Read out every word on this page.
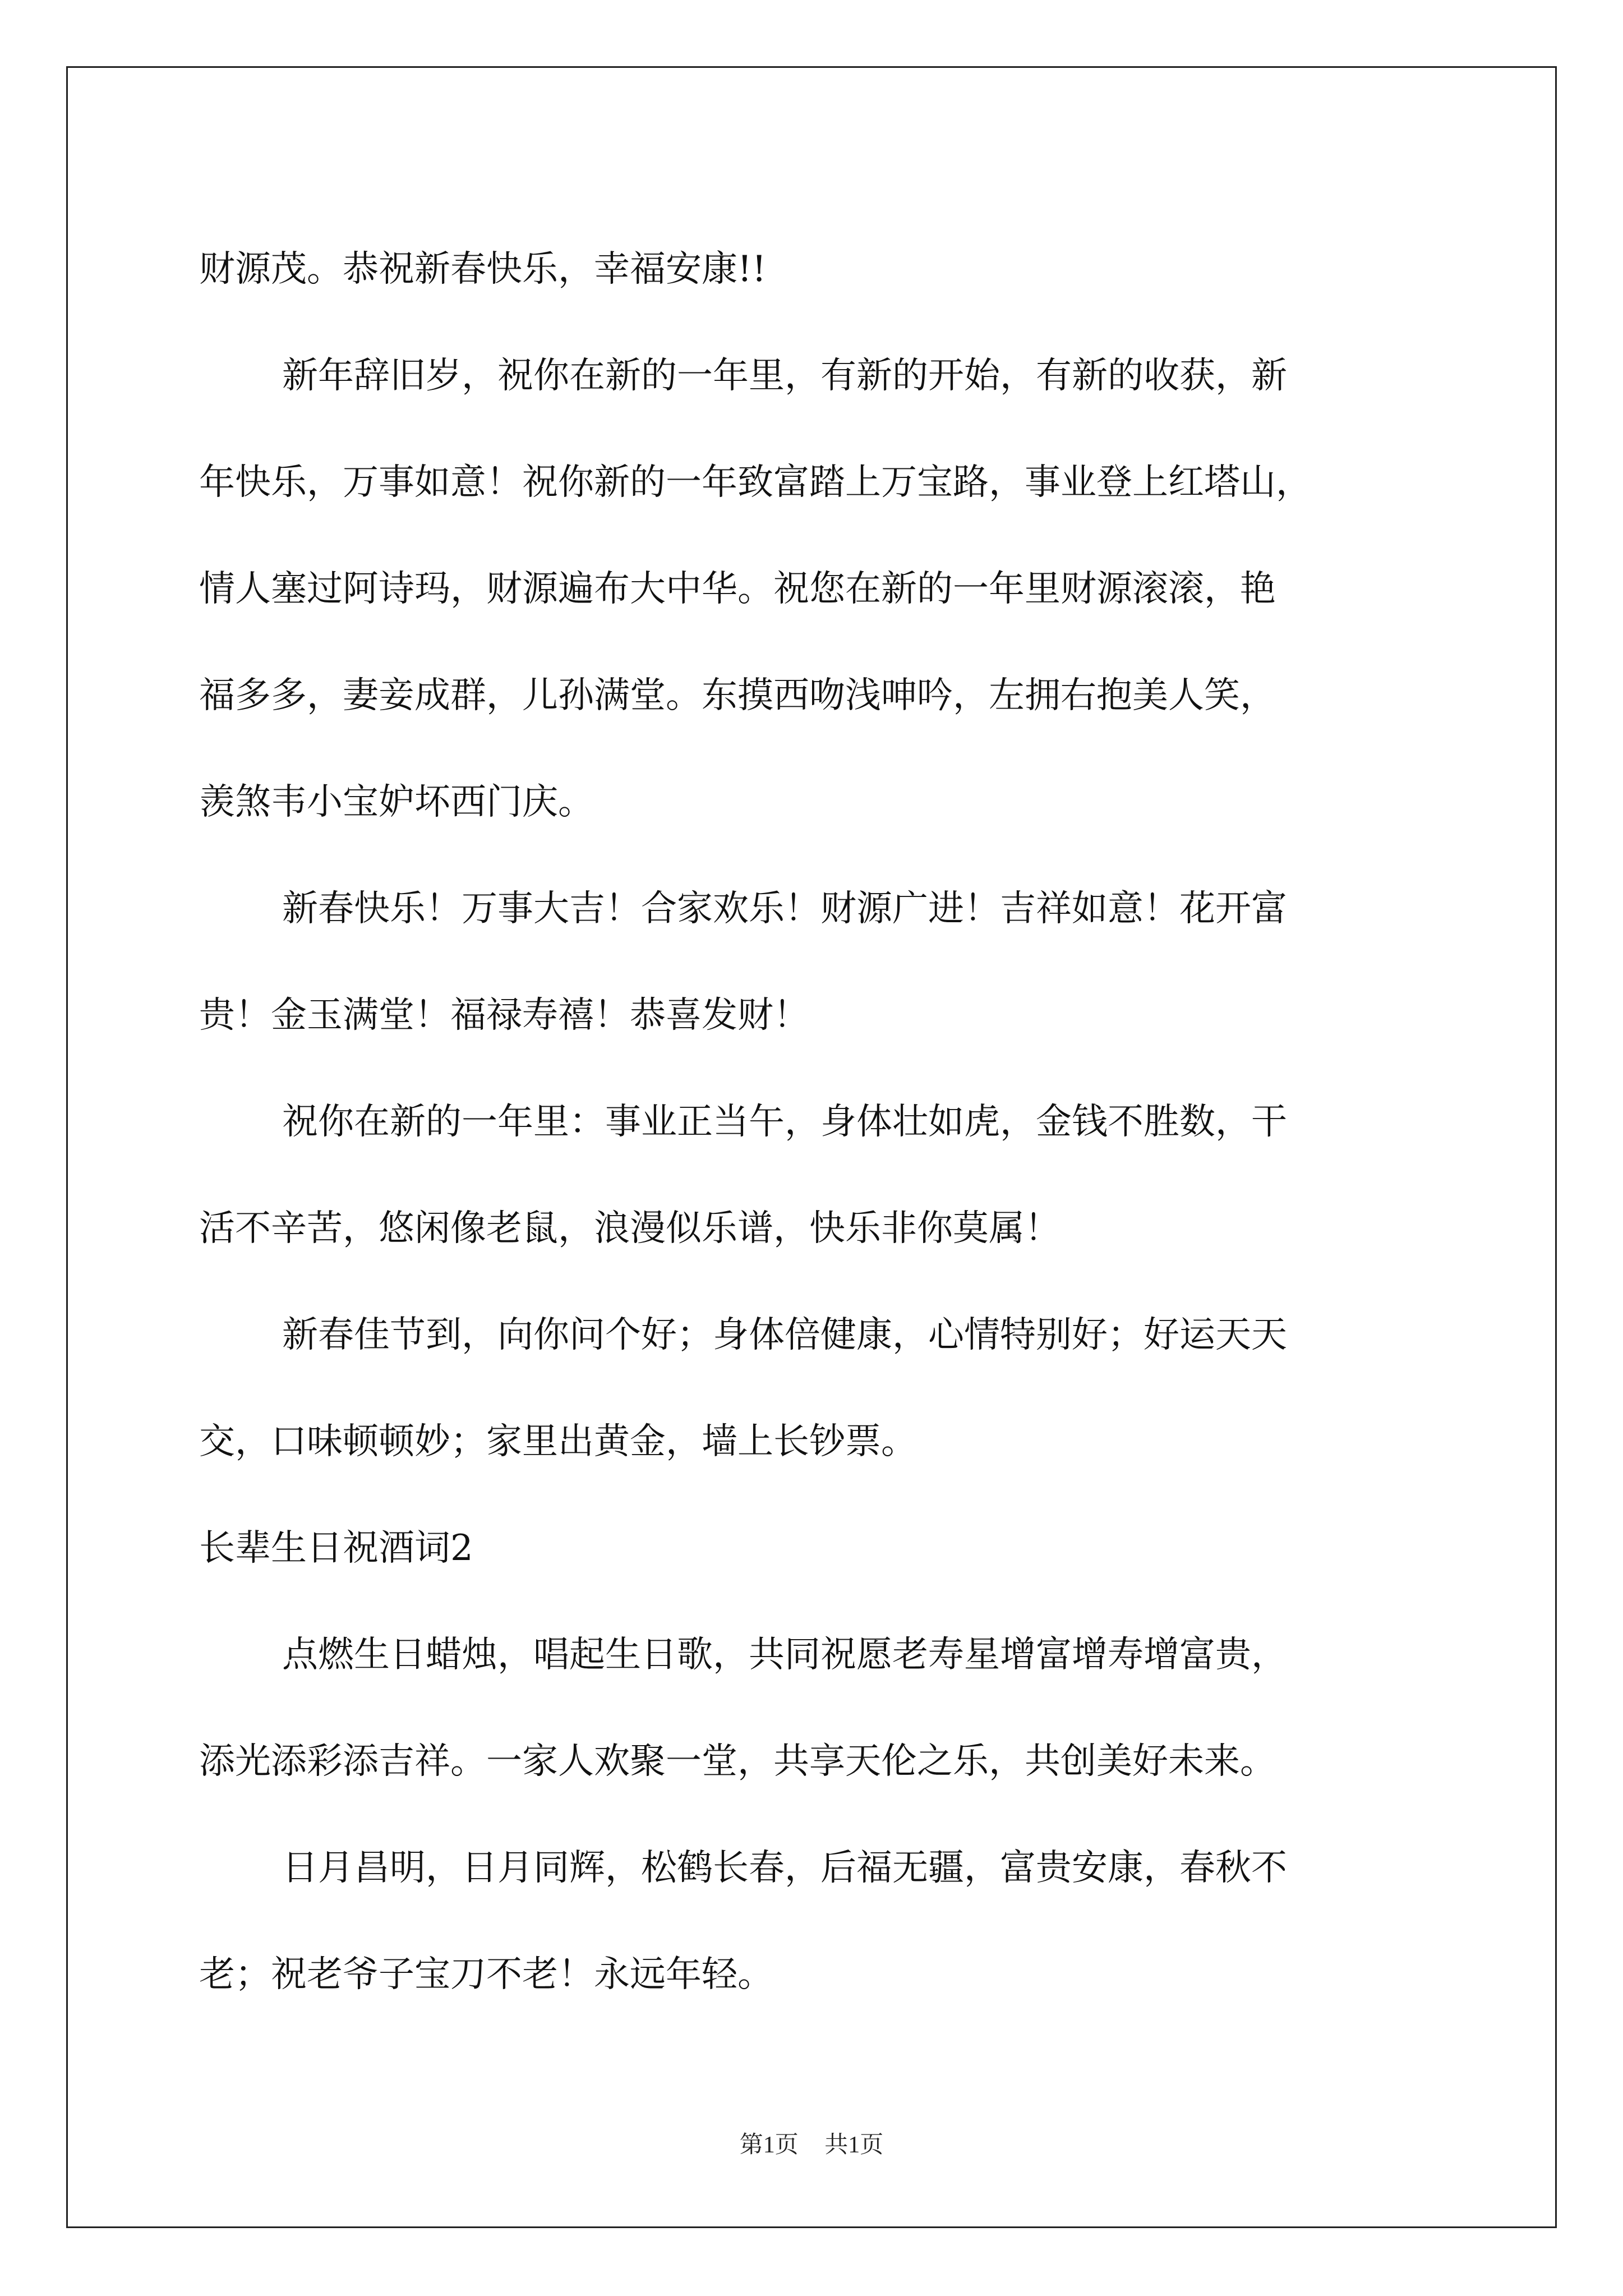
财源茂。恭祝新春快乐，幸福安康!!
新年辞旧岁，祝你在新的一年里，有新的开始，有新的收获，新
年快乐，万事如意！祝你新的一年致富踏上万宝路，事业登上红塔山，
情人塞过阿诗玛，财源遍布大中华。祝您在新的一年里财源滚滚，艳
福多多，妻妾成群，儿孙满堂。东摸西吻浅呻吟，左拥右抱美人笑，
羡煞韦小宝妒坏西门庆。
新春快乐！万事大吉！合家欢乐！财源广进！吉祥如意！花开富
贵！金玉满堂！福禄寿禧！恭喜发财！
祝你在新的一年里：事业正当午，身体壮如虎，金钱不胜数，干
活不辛苦，悠闲像老鼠，浪漫似乐谱，快乐非你莫属！
新春佳节到，向你问个好；身体倍健康，心情特别好；好运天天
交，口味顿顿妙；家里出黄金，墙上长钞票。
长辈生日祝酒词2
点燃生日蜡烛，唱起生日歌，共同祝愿老寿星增富增寿增富贵，
添光添彩添吉祥。一家人欢聚一堂，共享天伦之乐，共创美好未来。
日月昌明，日月同辉，松鹤长春，后福无疆，富贵安康，春秋不
老；祝老爷子宝刀不老！永远年轻。
第1页 共1页
